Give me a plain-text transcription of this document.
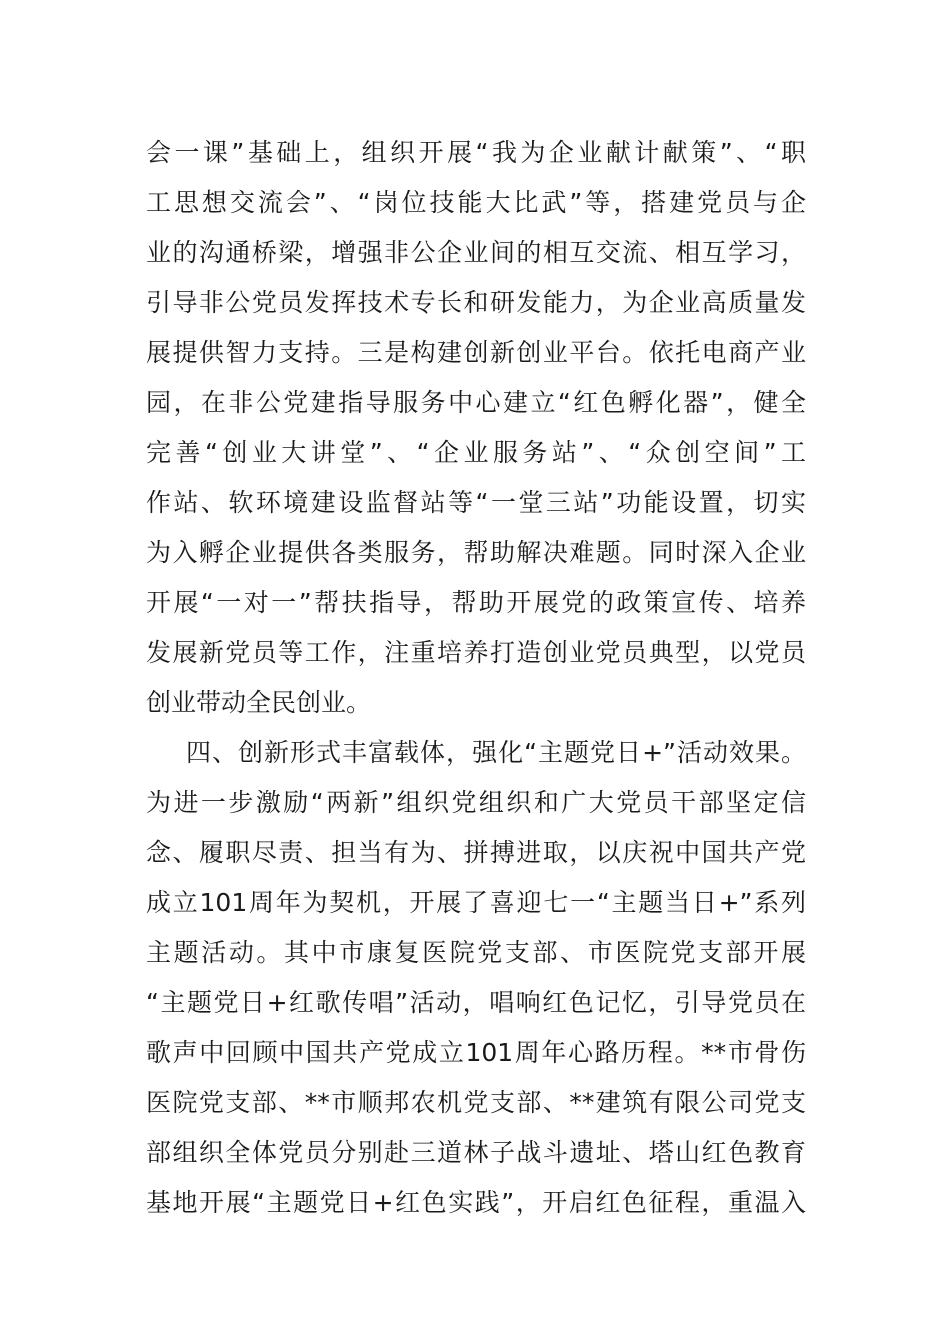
会一课”基础上，组织开展“我为企业献计献策”、“职
工思想交流会”、“岗位技能大比武”等，搭建党员与企
业的沟通桥梁，增强非公企业间的相互交流、相互学习，
引导非公党员发挥技术专长和研发能力，为企业高质量发
展提供智力支持。三是构建创新创业平台。依托电商产业
园，在非公党建指导服务中心建立“红色孵化器”，健全
完善“创业大讲堂”、“企业服务站”、“众创空间”工
作站、软环境建设监督站等“一堂三站”功能设置，切实
为入孵企业提供各类服务，帮助解决难题。同时深入企业
开展“一对一”帮扶指导，帮助开展党的政策宣传、培养
发展新党员等工作，注重培养打造创业党员典型，以党员
创业带动全民创业。
四、创新形式丰富载体，强化“主题党日+”活动效果。
为进一步激励“两新”组织党组织和广大党员干部坚定信
念、履职尽责、担当有为、拼搏进取，以庆祝中国共产党
成立101周年为契机，开展了喜迎七一“主题当日+”系列
主题活动。其中市康复医院党支部、市医院党支部开展
“主题党日+红歌传唱”活动，唱响红色记忆，引导党员在
歌声中回顾中国共产党成立101周年心路历程。**市骨伤
医院党支部、**市顺邦农机党支部、**建筑有限公司党支
部组织全体党员分别赴三道林子战斗遗址、塔山红色教育
基地开展“主题党日+红色实践”，开启红色征程，重温入
